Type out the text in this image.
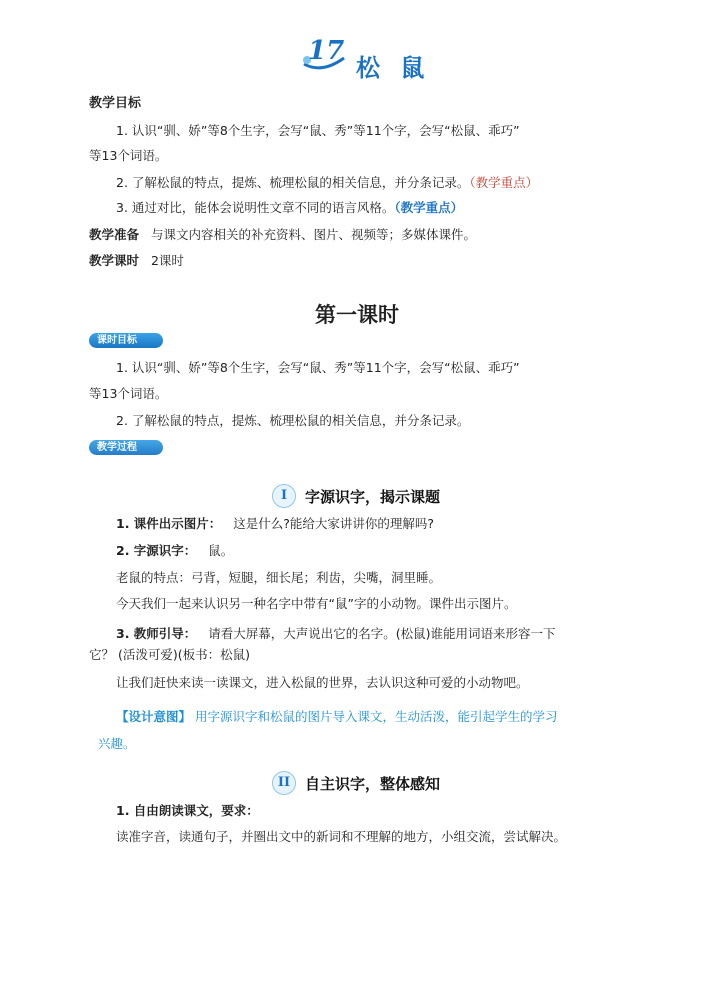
17
松 鼠
教学目标
1. 认识“驯、娇”等8个生字，会写“鼠、秀”等11个字，会写“松鼠、乖巧”
等13个词语。
2. 了解松鼠的特点，提炼、梳理松鼠的相关信息，并分条记录。（教学重点）
3. 通过对比，能体会说明性文章不同的语言风格。（教学重点）
教学准备 与课文内容相关的补充资料、图片、视频等；多媒体课件。
教学课时 2课时
第一课时
课时目标
1. 认识“驯、娇”等8个生字，会写“鼠、秀”等11个字，会写“松鼠、乖巧”
等13个词语。
2. 了解松鼠的特点，提炼、梳理松鼠的相关信息，并分条记录。
教学过程
I	字源识字，揭示课题
1. 课件出示图片： 这是什么?能给大家讲讲你的理解吗?
2. 字源识字： 鼠。
老鼠的特点：弓背，短腿，细长尾；利齿，尖嘴，洞里睡。
今天我们一起来认识另一种名字中带有“鼠”字的小动物。课件出示图片。
3. 教师引导： 请看大屏幕，大声说出它的名字。(松鼠)谁能用词语来形容一下
它？ (活泼可爱)(板书：松鼠)
让我们赶快来读一读课文，进入松鼠的世界，去认识这种可爱的小动物吧。
【设计意图】 用字源识字和松鼠的图片导入课文，生动活泼，能引起学生的学习
兴趣。
II 自主识字，整体感知
1. 自由朗读课文，要求：
读准字音，读通句子，并圈出文中的新词和不理解的地方，小组交流，尝试解决。
